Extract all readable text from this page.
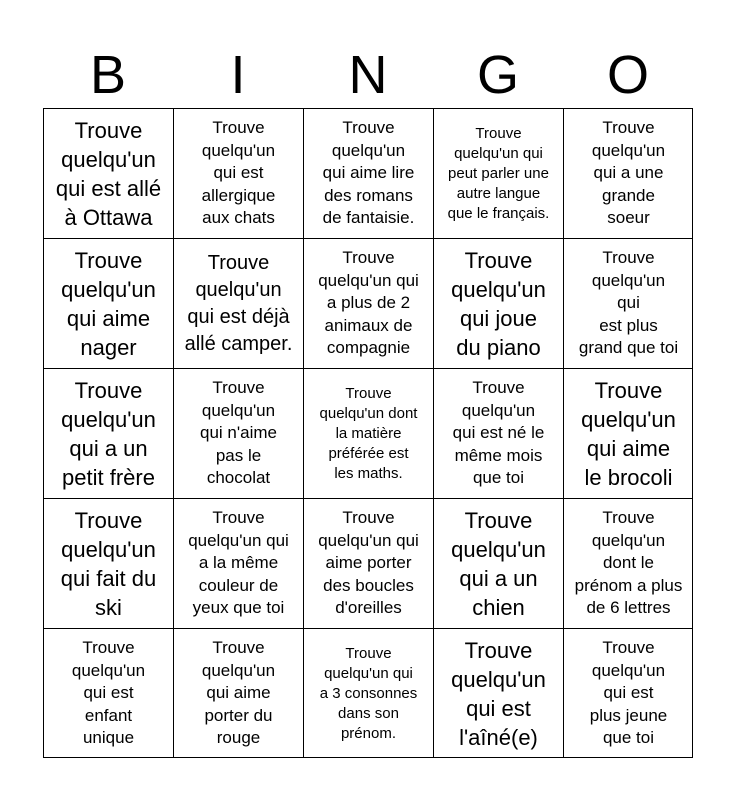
B	I	N	G	O
Trouve
quelqu'un
qui est allé
à Ottawa
Trouve
quelqu'un
qui est
allergique
aux chats
Trouve
quelqu'un
qui aime lire
des romans
de fantaisie.
Trouve
quelqu'un qui
peut parler une
autre langue
que le français.
Trouve
quelqu'un
qui a une
grande
soeur
Trouve
quelqu'un
qui aime
nager
Trouve
quelqu'un
qui est déjà
allé camper.
Trouve
quelqu'un qui
a plus de 2
animaux de
compagnie
Trouve
quelqu'un
qui joue
du piano
Trouve
quelqu'un
qui
est plus
grand que toi
Trouve
quelqu'un
qui a un
petit frère
Trouve
quelqu'un
qui n'aime
pas le
chocolat
Trouve
quelqu'un dont
la matière
préférée est
les maths.
Trouve
quelqu'un
qui est né le
même mois
que toi
Trouve
quelqu'un
qui aime
le brocoli
Trouve
quelqu'un
qui fait du
ski
Trouve
quelqu'un qui
a la même
couleur de
yeux que toi
Trouve
quelqu'un qui
aime porter
des boucles
d'oreilles
Trouve
quelqu'un
qui a un
chien
Trouve
quelqu'un
dont le
prénom a plus
de 6 lettres
Trouve
quelqu'un
qui est
enfant
unique
Trouve
quelqu'un
qui aime
porter du
rouge
Trouve
quelqu'un qui
a 3 consonnes
dans son
prénom.
Trouve
quelqu'un
qui est
l'aîné(e)
Trouve
quelqu'un
qui est
plus jeune
que toi
